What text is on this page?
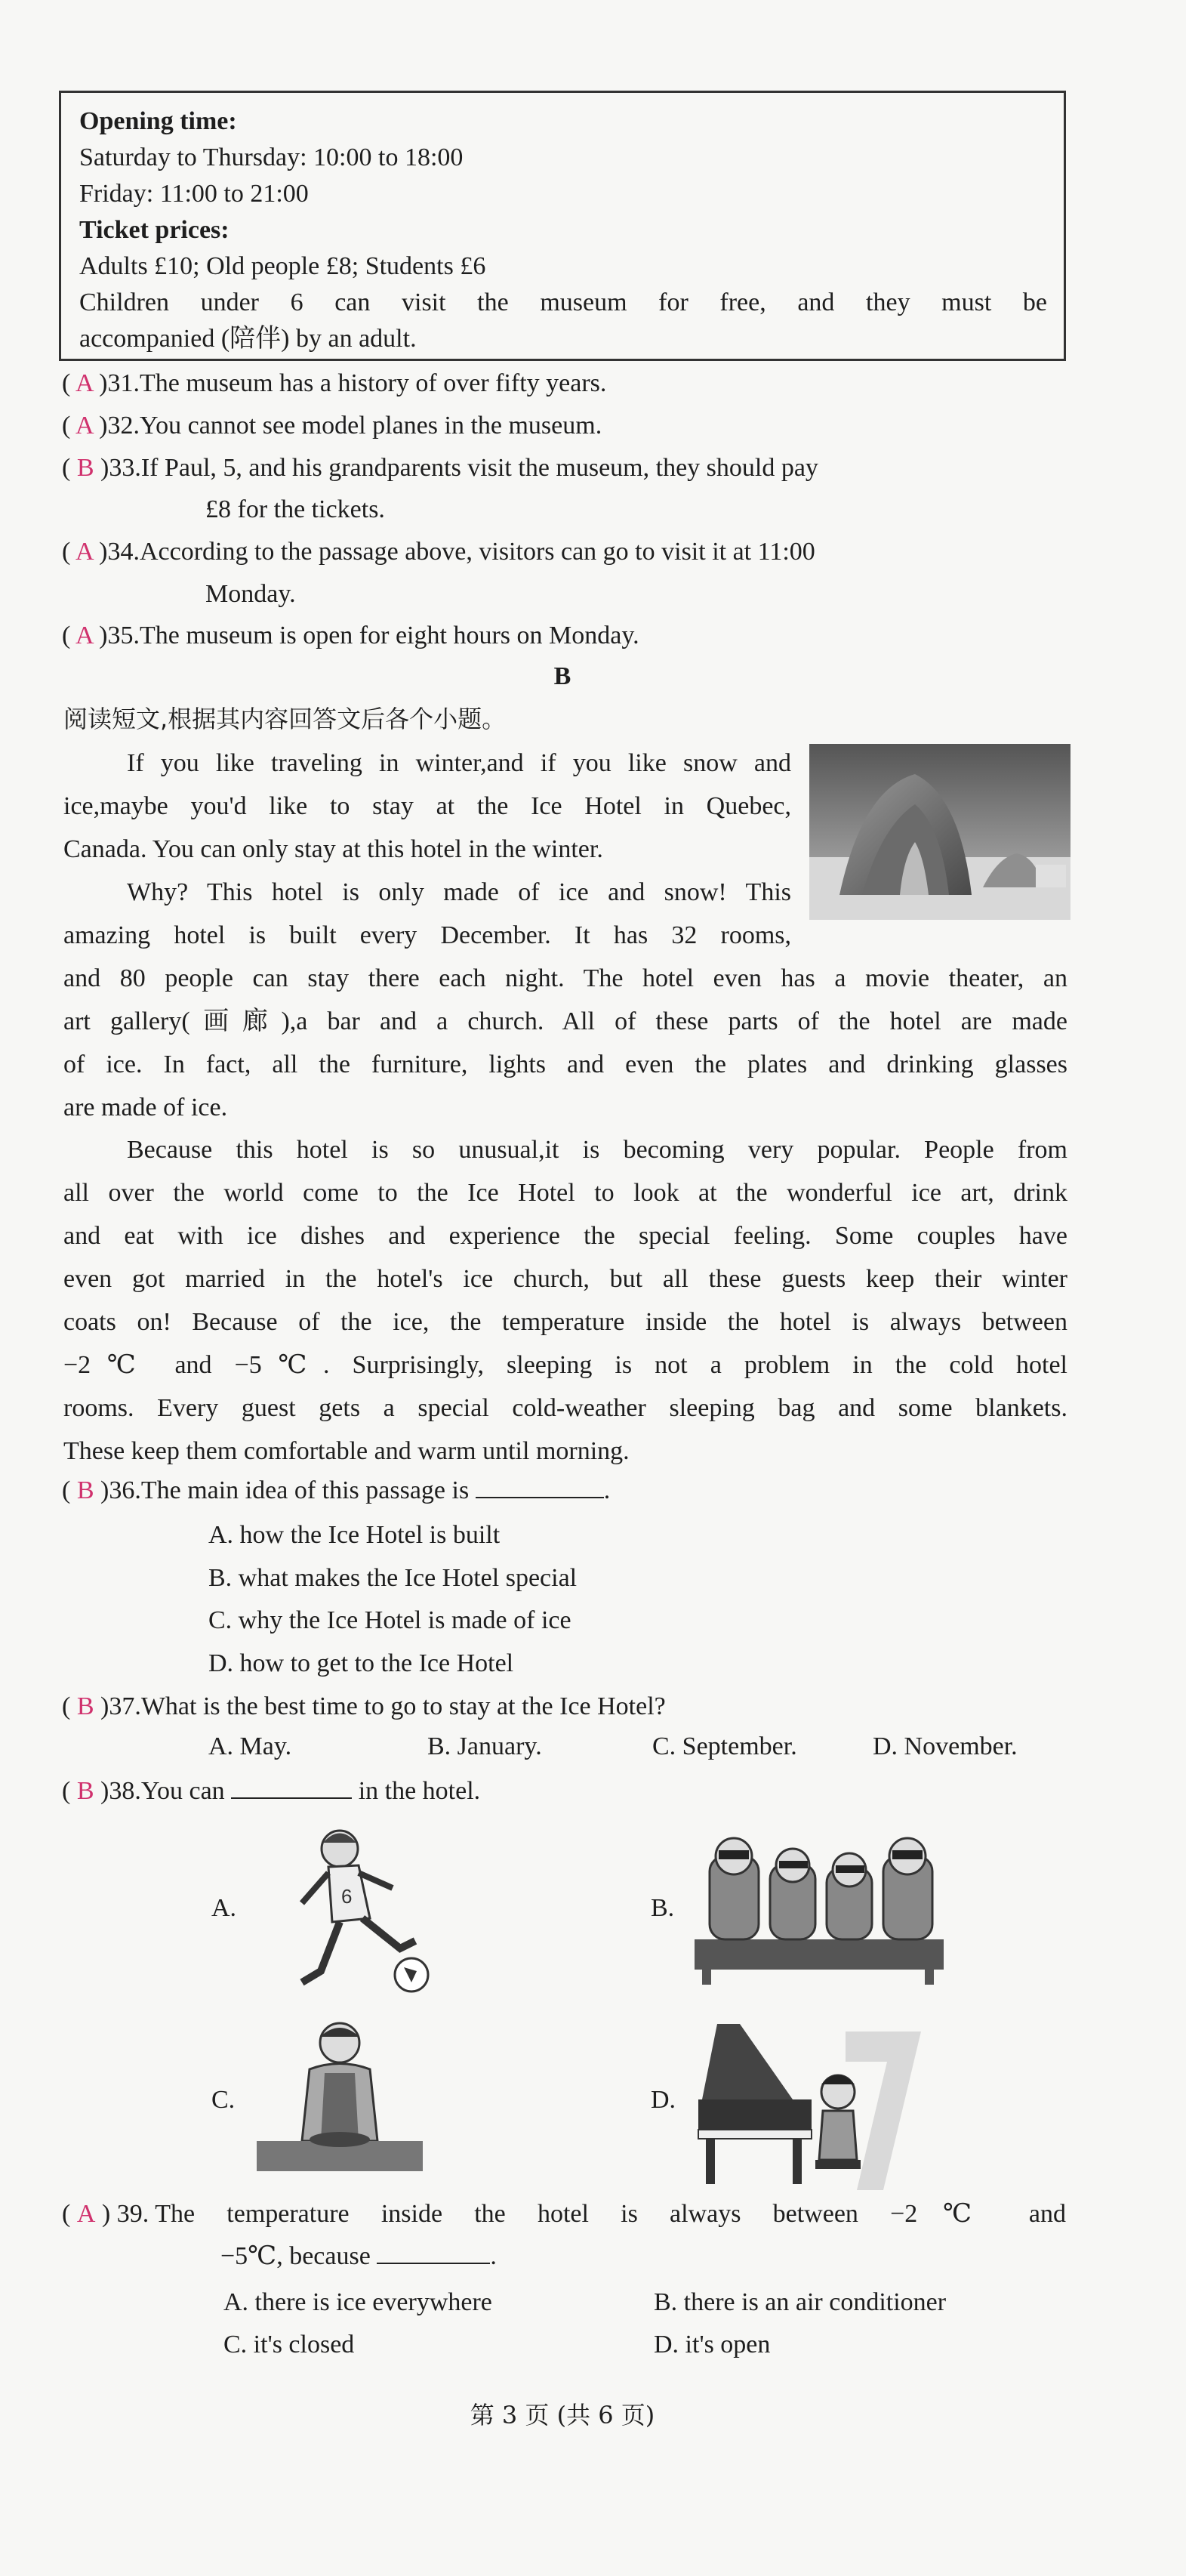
Opening time:
Saturday to Thursday: 10:00 to 18:00
Friday: 11:00 to 21:00
Ticket prices:
Adults £10; Old people £8; Students £6
Children under 6 can visit the museum for free, and they must be
accompanied (陪伴) by an adult.
( A )31.The museum has a history of over fifty years.
( A )32.You cannot see model planes in the museum.
( B )33.If Paul, 5, and his grandparents visit the museum, they should pay
£8 for the tickets.
( A )34.According to the passage above, visitors can go to visit it at 11:00
Monday.
( A )35.The museum is open for eight hours on Monday.
B
阅读短文,根据其内容回答文后各个小题。
If you like traveling in winter,and if you like snow and
ice,maybe you'd like to stay at the Ice Hotel in Quebec,
Canada. You can only stay at this hotel in the winter.
Why? This hotel is only made of ice and snow! This
amazing hotel is built every December. It has 32 rooms,
and 80 people can stay there each night. The hotel even has a movie theater, an
art gallery(画廊),a bar and a church. All of these parts of the hotel are made
of ice. In fact, all the furniture, lights and even the plates and drinking glasses
are made of ice.
Because this hotel is so unusual,it is becoming very popular. People from
all over the world come to the Ice Hotel to look at the wonderful ice art, drink
and eat with ice dishes and experience the special feeling. Some couples have
even got married in the hotel's ice church, but all these guests keep their winter
coats on! Because of the ice, the temperature inside the hotel is always between
−2℃ and −5℃. Surprisingly, sleeping is not a problem in the cold hotel
rooms. Every guest gets a special cold-weather sleeping bag and some blankets.
These keep them comfortable and warm until morning.
( B )36.The main idea of this passage is	.
A. how the Ice Hotel is built
B. what makes the Ice Hotel special
C. why the Ice Hotel is made of ice
D. how to get to the Ice Hotel
( B )37.What is the best time to go to stay at the Ice Hotel?
A. May.	B. January.	C. September.	D. November.
( B )38.You can	in the hotel.
A.	6	B.
C.	D.
( A
) 39. The temperature inside the hotel is always between −2℃ and
−5℃, because	.
A. there is ice everywhere	B. there is an air conditioner
C. it's closed	D. it's open
第 3 页 (共 6 页)
